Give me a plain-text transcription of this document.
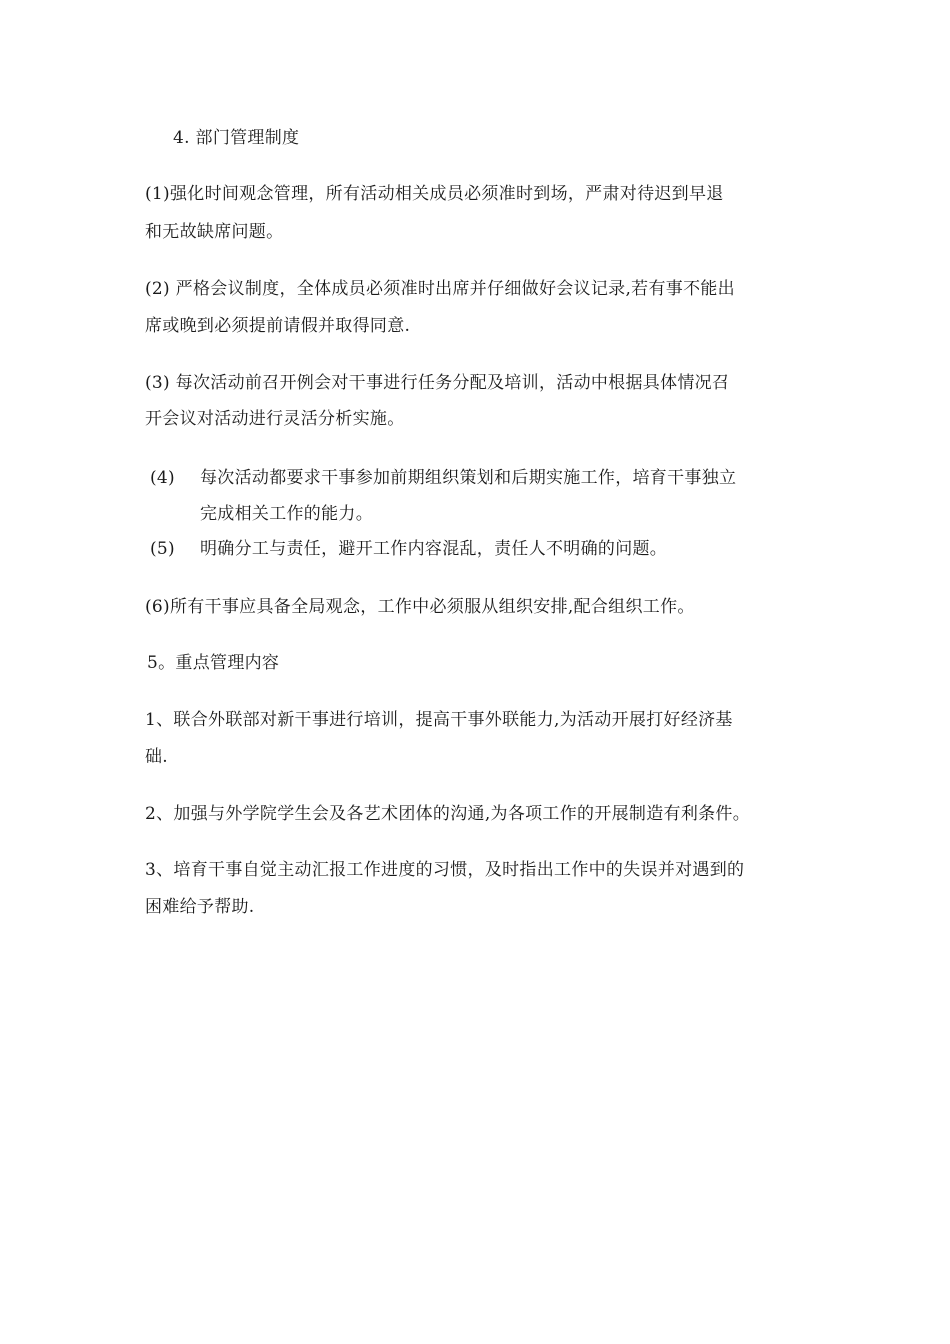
4. 部门管理制度
(1)强化时间观念管理，所有活动相关成员必须准时到场，严肃对待迟到早退
和无故缺席问题。
(2) 严格会议制度，全体成员必须准时出席并仔细做好会议记录,若有事不能出
席或晚到必须提前请假并取得同意.
(3) 每次活动前召开例会对干事进行任务分配及培训，活动中根据具体情况召
开会议对活动进行灵活分析实施。
(4) 每次活动都要求干事参加前期组织策划和后期实施工作，培育干事独立
完成相关工作的能力。
(5) 明确分工与责任，避开工作内容混乱，责任人不明确的问题。
(6)所有干事应具备全局观念，工作中必须服从组织安排,配合组织工作。
5。重点管理内容
1、联合外联部对新干事进行培训，提高干事外联能力,为活动开展打好经济基
础.
2、加强与外学院学生会及各艺术团体的沟通,为各项工作的开展制造有利条件。
3、培育干事自觉主动汇报工作进度的习惯，及时指出工作中的失误并对遇到的
困难给予帮助.
